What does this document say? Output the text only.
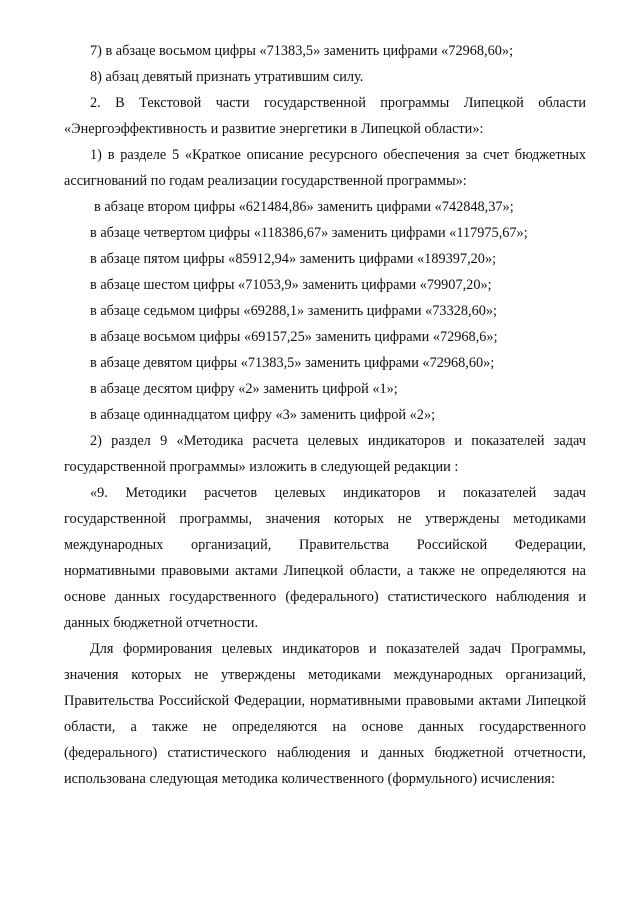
7) в абзаце восьмом цифры «71383,5» заменить цифрами «72968,60»;
8) абзац девятый признать утратившим силу.
2. В Текстовой части государственной программы Липецкой области
«Энергоэффективность и развитие энергетики в Липецкой области»:
1) в разделе 5 «Краткое описание ресурсного обеспечения за счет бюджетных
ассигнований по годам реализации государственной программы»:
в абзаце втором цифры «621484,86» заменить цифрами «742848,37»;
в абзаце четвертом цифры «118386,67» заменить цифрами «117975,67»;
в абзаце пятом цифры «85912,94» заменить цифрами «189397,20»;
в абзаце шестом цифры «71053,9» заменить цифрами «79907,20»;
в абзаце седьмом цифры «69288,1» заменить цифрами «73328,60»;
в абзаце восьмом цифры «69157,25» заменить цифрами «72968,6»;
в абзаце девятом цифры «71383,5» заменить цифрами «72968,60»;
в абзаце десятом цифру «2» заменить цифрой «1»;
в абзаце одиннадцатом цифру «3» заменить цифрой «2»;
2) раздел 9 «Методика расчета целевых индикаторов и показателей задач
государственной программы» изложить в следующей редакции :
«9. Методики расчетов целевых индикаторов и показателей задач
государственной программы, значения которых не утверждены методиками
международных организаций, Правительства Российской Федерации,
нормативными правовыми актами Липецкой области, а также не определяются на
основе данных государственного (федерального) статистического наблюдения и
данных бюджетной отчетности.
Для формирования целевых индикаторов и показателей задач Программы,
значения которых не утверждены методиками международных организаций,
Правительства Российской Федерации, нормативными правовыми актами Липецкой
области, а также не определяются на основе данных государственного
(федерального) статистического наблюдения и данных бюджетной отчетности,
использована следующая методика количественного (формульного) исчисления:
